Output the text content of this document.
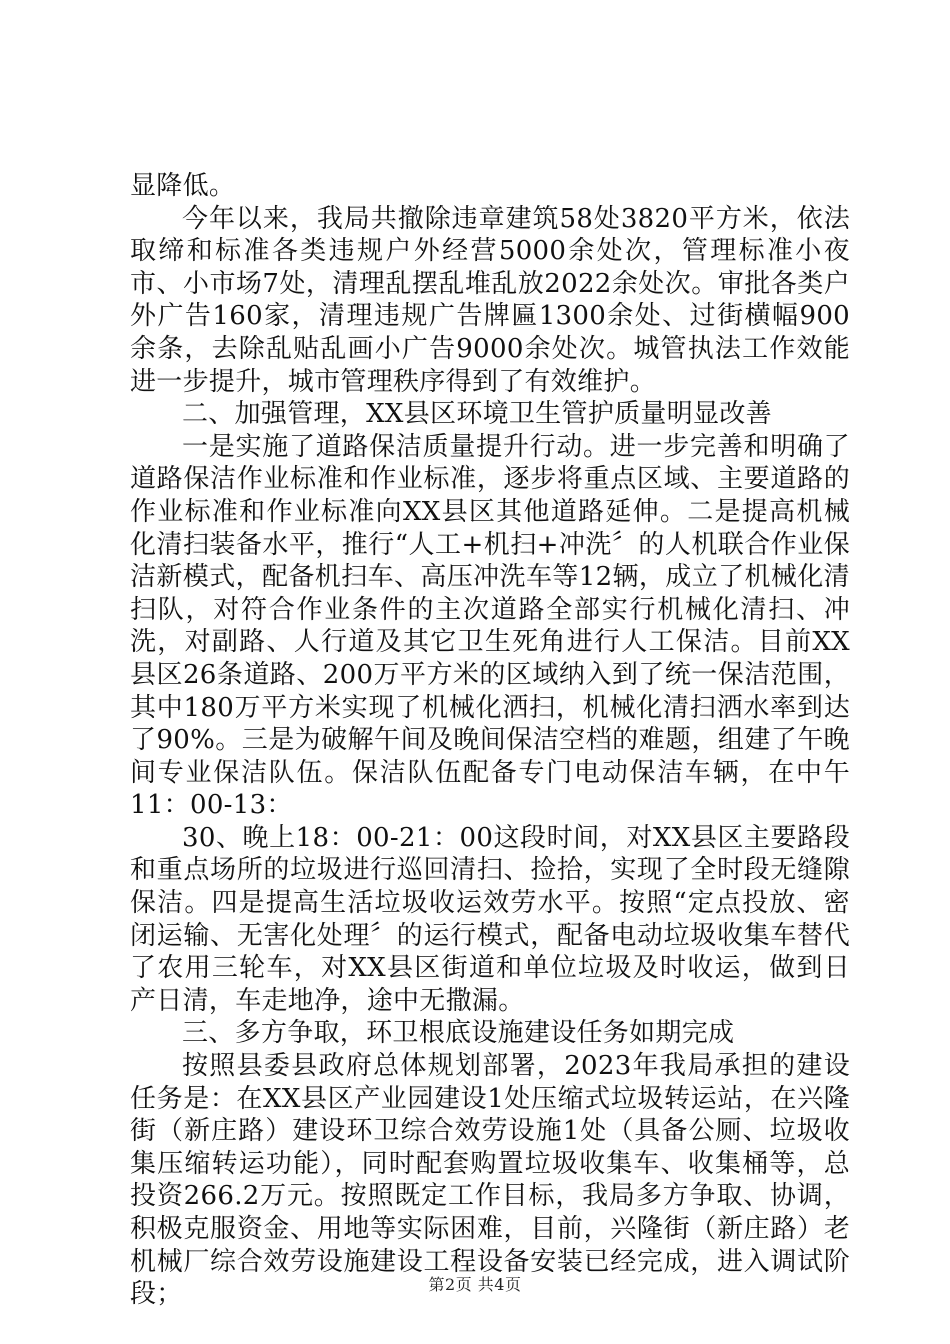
显降低。

今年以来，我局共撤除违章建筑58处3820平方米，依法取缔和标准各类违规户外经营5000余处次，管理标准小夜市、小市场7处，清理乱摆乱堆乱放2022余处次。审批各类户外广告160家，清理违规广告牌匾1300余处、过街横幅900余条，去除乱贴乱画小广告9000余处次。城管执法工作效能进一步提升，城市管理秩序得到了有效维护。

二、加强管理，XX县区环境卫生管护质量明显改善

一是实施了道路保洁质量提升行动。进一步完善和明确了道路保洁作业标准和作业标准，逐步将重点区域、主要道路的作业标准和作业标准向XX县区其他道路延伸。二是提高机械化清扫装备水平，推行“人工+机扫+冲洗〞的人机联合作业保洁新模式，配备机扫车、高压冲洗车等12辆，成立了机械化清扫队，对符合作业条件的主次道路全部实行机械化清扫、冲洗，对副路、人行道及其它卫生死角进行人工保洁。目前XX县区26条道路、200万平方米的区域纳入到了统一保洁范围，其中180万平方米实现了机械化洒扫，机械化清扫洒水率到达了90%。三是为破解午间及晚间保洁空档的难题，组建了午晚间专业保洁队伍。保洁队伍配备专门电动保洁车辆，在中午11：00-13：

30、晚上18：00-21：00这段时间，对XX县区主要路段和重点场所的垃圾进行巡回清扫、捡拾，实现了全时段无缝隙保洁。四是提高生活垃圾收运效劳水平。按照“定点投放、密闭运输、无害化处理〞的运行模式，配备电动垃圾收集车替代了农用三轮车，对XX县区街道和单位垃圾及时收运，做到日产日清，车走地净，途中无撒漏。

三、多方争取，环卫根底设施建设任务如期完成

按照县委县政府总体规划部署，2023年我局承担的建设任务是：在XX县区产业园建设1处压缩式垃圾转运站，在兴隆街（新庄路）建设环卫综合效劳设施1处（具备公厕、垃圾收集压缩转运功能），同时配套购置垃圾收集车、收集桶等，总投资266.2万元。按照既定工作目标，我局多方争取、协调，积极克服资金、用地等实际困难，目前，兴隆街（新庄路）老机械厂综合效劳设施建设工程设备安装已经完成，进入调试阶段；	第2页 共4页
